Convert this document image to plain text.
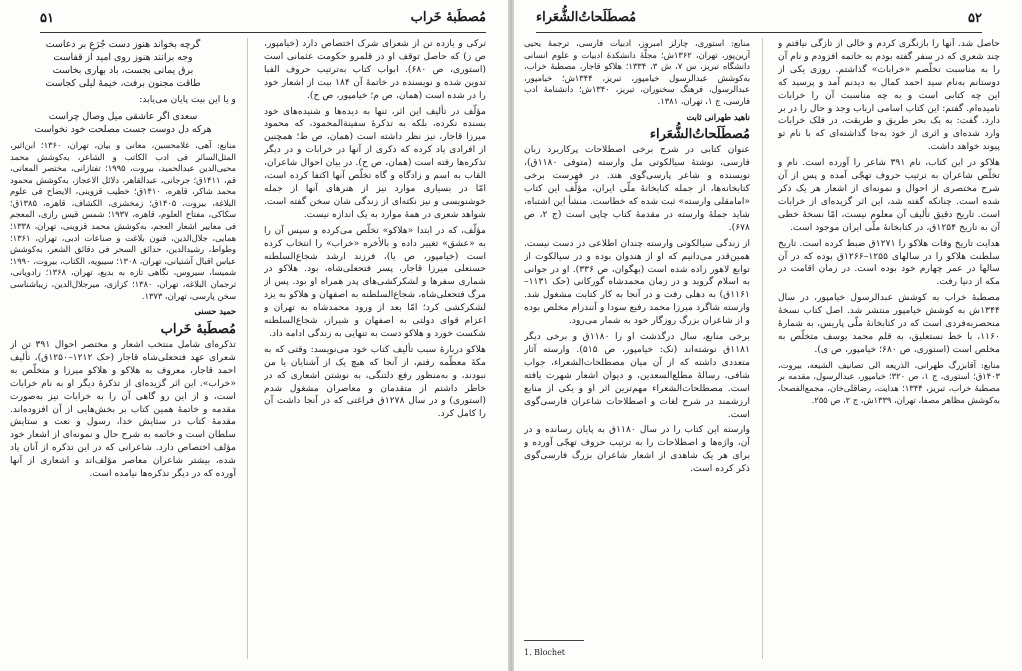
مُصطَبهٔ خَراب
۵۱

ترکی و یازده تن از شعرای شرک اختصاص دارد (خیامپور، ص ز) که حاصل توقف او در قلمرو حکومت عثمانی است (استوری، ص ۶۸۰). ابواب کتاب به‌ترتیب حروف الفبا تدوین شده و نویسنده در خاتمهٔ آن ۱۸۴ بیت از اشعار خود را در شده است (همان، ص م؛ خیامپور، ص ح).

مؤلّف در تألیف این اثر، تنها به دیده‌ها و شنیده‌های خود بسنده نکرده، بلکه به تذکرهٔ سفینة‌المحمود، که محمود میرزا قاجار، نیز نظر داشته است (همان، ص ط؛ همچنین از افرادی یاد کرده که ذکری از آنها در خرابات و در دیگر تذکره‌ها رفته است (همان، ص ح). در بیان احوال شاعران، القاب به اسم و زادگاه و گاه تخلّص آنها اکتفا کرده است، امّا در بسیاری موارد نیز از هنرهای آنها از جمله خوشنویسی و نیز نکته‌ای از زندگی شان سخن گفته است. شواهد شعری در همهٔ موارد به یک اندازه نیست.

مؤلّف، که در ابتدا «هلاکو» تخلّص می‌کرده و سپس آن را به «عشق» تغییر داده و بالأخره «خراب» را انتخاب کرده است (خیامپور، ص یا)، فرزند ارشد شجاع‌السلطنه حسنعلی میرزا قاجار، پسر فتحعلی‌شاه، بود. هلاکو در شماری سفرها و لشکرکشی‌های پدر همراه او بود. پس از مرگ فتحعلی‌شاه، شجاع‌السلطنه به اصفهان و هلاکو به یزد لشکرکشی کرد؛ امّا بعد از ورود محمدشاه به تهران و اعزام قوای دولتی به اصفهان و شیراز، شجاع‌السلطنه شکست خورد و هلاکو دست به تنهایی به زندگی ادامه داد.

هلاکو دربارهٔ سبب تألیف کتاب خود می‌نویسد: وقتی که به مکهٔ معظّمه رفتم، از آنجا که هیچ یک از آشنایان یا من نبودند، و به‌منظور رفع دلتنگی، به نوشتن اشعاری که در خاطر داشتم از متقدمان و معاصران مشغول شدم (استوری) و در سال ۱۲۷۸ق فراغتی که در آنجا داشت آن را کامل کرد.

گرچه بخواند هنوز دست جُرَعِ بر دعاست
وجه برانند هنوز روی امید از قفاست
برق یمانی بجست، باد بهاری بخاست
طاقت مجنون برفت، خیمهٔ لیلی کجاست

و یا این بیت پایان می‌یابد:

سعدی اگر عاشقی میل وصال چراست
هرکه دل دوست جست مصلحت خود نخواست

منابع: آهی، غلامحسین، معانی و بیان، تهران، ۱۳۶۰؛ ابن‌اثیر، المثل‌السائر فی ادب الکاتب و الشاعر، به‌کوشش محمد محیی‌الدین عبدالحمید، بیروت، ۱۹۹۵؛ تفتازانی، مختصر المعانی، قم، ۱۴۱۱ق؛ جرجانی، عبدالقاهر، دلائل الاعجاز، به‌کوشش محمود محمد شاکر، قاهره، ۱۴۱۰ق؛ خطیب قزوینی، الایضاح فی علوم البلاغة، بیروت، ۱۴۰۵ق؛ زمخشری، الکشاف، قاهره، ۱۳۸۵ق؛ سکاکی، مفتاح العلوم، قاهره، ۱۹۳۷؛ شمس قیس رازی، المعجم فی معاییر اشعار العجم، به‌کوشش محمد قزوینی، تهران، ۱۳۳۸؛ همایی، جلال‌الدین، فنون بلاغت و صناعات ادبی، تهران، ۱۳۶۱؛ وطواط، رشیدالدین، حدائق السحر فی دقائق الشعر، به‌کوشش عباس اقبال آشتیانی، تهران، ۱۳۰۸؛ سیبویه، الکتاب، بیروت، ۱۹۹۰؛ شمیسا، سیروس، نگاهی تازه به بدیع، تهران، ۱۳۶۸؛ رادویانی، ترجمان البلاغه، تهران، ۱۳۸۰؛ کزازی، میرجلال‌الدین، زیباشناسی سخن پارسی، تهران، ۱۳۷۳.

حمید حسنی
مُصطَبهٔ خَراب

تذکره‌ای شامل منتخب اشعار و مختصر احوال ۳۹۱ تن از شعرای عهد فتحعلی‌شاه قاجار (حک ۱۲۱۲–۱۲۵۰ق)، تألیف احمد قاجار، معروف به هلاکو و هلاکو میرزا و متخلّص به «خراب». این اثر گزیده‌ای از تذکرهٔ دیگر او به نام خرابات است، و از این رو گاهی آن را به خرابات نیز به‌صورت مقدمه و خاتمهٔ همین کتاب بر بخش‌هایی از آن افزوده‌اند. مقدمهٔ کتاب در ستایش خدا، رسول و نعت و ستایش سلطان است و خاتمه به شرح حال و نمونه‌ای از اشعار خود مؤلف اختصاص دارد. شاعرانی که در این تذکره از آنان یاد شده، بیشتر شاعران معاصر مؤلف‌اند و اشعاری از آنها آورده که در دیگر تذکره‌ها نیامده است.

مُصطَلَحاتُ‌الشُّعَراء	۵۲

حاصل شد. آنها را بازنگری کردم و خالی از تازگی نیافتم و چند شعری که در سفر گفته بودم به خاتمه افزودم و نام آن را به مناسبت تخلّصم «خرابات» گذاشتم. روزی یکی از دوستانم به‌نام سید احمد کمال به دیدنم آمد و پرسید که این چه کتابی است و به چه مناسبت آن را خرابات نامیده‌ام. گفتم: این کتاب اسامی ارباب وجد و حال را در بر دارد. گفت: به یک بحر طریق و طریقت، در فلک خرابات وارد شده‌ای و اثری از خود به‌جا گذاشته‌ای که با نام تو پیوند خواهد داشت.

هلاکو در این کتاب، نام ۳۹۱ شاعر را آورده است. نام و تخلّص شاعران به ترتیب حروف تهجّی آمده و پس از آن شرح مختصری از احوال و نمونه‌ای از اشعار هر یک ذکر شده است. چنانکه گفته شد، این اثر گزیده‌ای از خرابات است. تاریخ دقیق تألیف آن معلوم نیست، امّا نسخهٔ خطی آن به تاریخ ۱۲۵۴ق، در کتابخانهٔ ملّی ایران موجود است.

هدایت تاریخ وفات هلاکو را ۱۲۷۱ق ضبط کرده است. تاریخ سلطنت هلاکو را در سالهای ۱۲۵۵–۱۲۶۶ق بوده که در آن سالها در عمر چهارم خود بوده است. در زمان اقامت در مکه از دنیا رفت.

مصطبهٔ خراب به کوشش عبدالرسول خیامپور، در سال ۱۳۴۴ش به کوشش خیامپور منتشر شد. اصل کتاب نسخهٔ منحصربه‌فردی است که در کتابخانهٔ ملّی پاریس، به شمارهٔ ۱۱۶۰، با خط نستعلیق، به قلم محمد یوسف متخلّص به مخلص است (استوری، ص ۶۸۰؛ خیامپور، ص ی).

منابع: آقابزرگ طهرانی، الذریعه الی تصانیف الشیعه، بیروت، ۱۴۰۳ق؛ استوری، ج ۱، ص ۳۲۰؛ خیامپور، عبدالرسول، مقدمه بر مصطبهٔ خراب، تبریز، ۱۳۴۴؛ هدایت، رضاقلی‌خان، مجمع‌الفصحا، به‌کوشش مظاهر مصفا، تهران، ۱۳۳۹ش، ج ۲، ص ۲۵۵.

منابع: استوری، چارلز امبروز، ادبیات فارسی، ترجمهٔ یحیی آرین‌پور، تهران، ۱۳۶۲ش؛ مجلّهٔ دانشکدهٔ ادبیات و علوم انسانی دانشگاه تبریز، س ۷، ش ۳، ۱۳۳۴؛ هلاکو قاجار، مصطبهٔ خراب، به‌کوشش عبدالرسول خیامپور، تبریز، ۱۳۴۴ش؛ خیامپور، عبدالرسول، فرهنگ سخنوران، تبریز، ۱۳۴۰ش؛ دانشنامهٔ ادب فارسی، ج ۱، تهران، ۱۳۸۱.

ناهید طهرانی ثابت
مُصطَلَحاتُ‌الشُّعَراء

عنوان کتابی در شرح برخی اصطلاحات پرکاربرد زبان فارسی، نوشتهٔ سیالکوتی مل وارسته (متوفی ۱۱۸۰ق)، نویسنده و شاعر پارسی‌گوی هند. در فهرست برخی کتابخانه‌ها، از جمله کتابخانهٔ ملّی ایران، مؤلّف این کتاب «امامقلی وارسته» ثبت شده که خطاست. منشأ این اشتباه، شاید جملهٔ وارسته در مقدمهٔ کتاب چاپی است (ج ۲، ص ۶۷۸).

از زندگی سیالکوتی وارسته چندان اطلاعی در دست نیست. همین‌قدر می‌دانیم که او از هندوان بوده و در سیالکوت از توابع لاهور زاده شده است (بهگوان، ص ۳۳۶). او در جوانی به اسلام گروید و در زمان محمدشاه گورکانی (حک ۱۱۳۱–۱۱۶۱ق) به دهلی رفت و در آنجا به کار کتابت مشغول شد. وارسته شاگرد میرزا محمد رفیع سودا و آنندرام مخلص بوده و از شاعران بزرگ روزگار خود به شمار می‌رود.

برخی منابع، سال درگذشت او را ۱۱۸۰ق و برخی دیگر ۱۱۸۱ق نوشته‌اند (نک: خیامپور، ص ۵۱۵). وارسته آثار متعددی داشته که از آن میان مصطلحات‌الشعراء، جواب شافی، رسالهٔ مطلع‌السعدین، و دیوان اشعار شهرت یافته است. مصطلحات‌الشعراء مهم‌ترین اثر او و یکی از منابع ارزشمند در شرح لغات و اصطلاحات شاعران فارسی‌گوی است.

وارسته این کتاب را در سال ۱۱۸۰ق به پایان رسانده و در آن، واژه‌ها و اصطلاحات را به ترتیب حروف تهجّی آورده و برای هر یک شاهدی از اشعار شاعران بزرگ فارسی‌گوی ذکر کرده است.

1. Blochet
